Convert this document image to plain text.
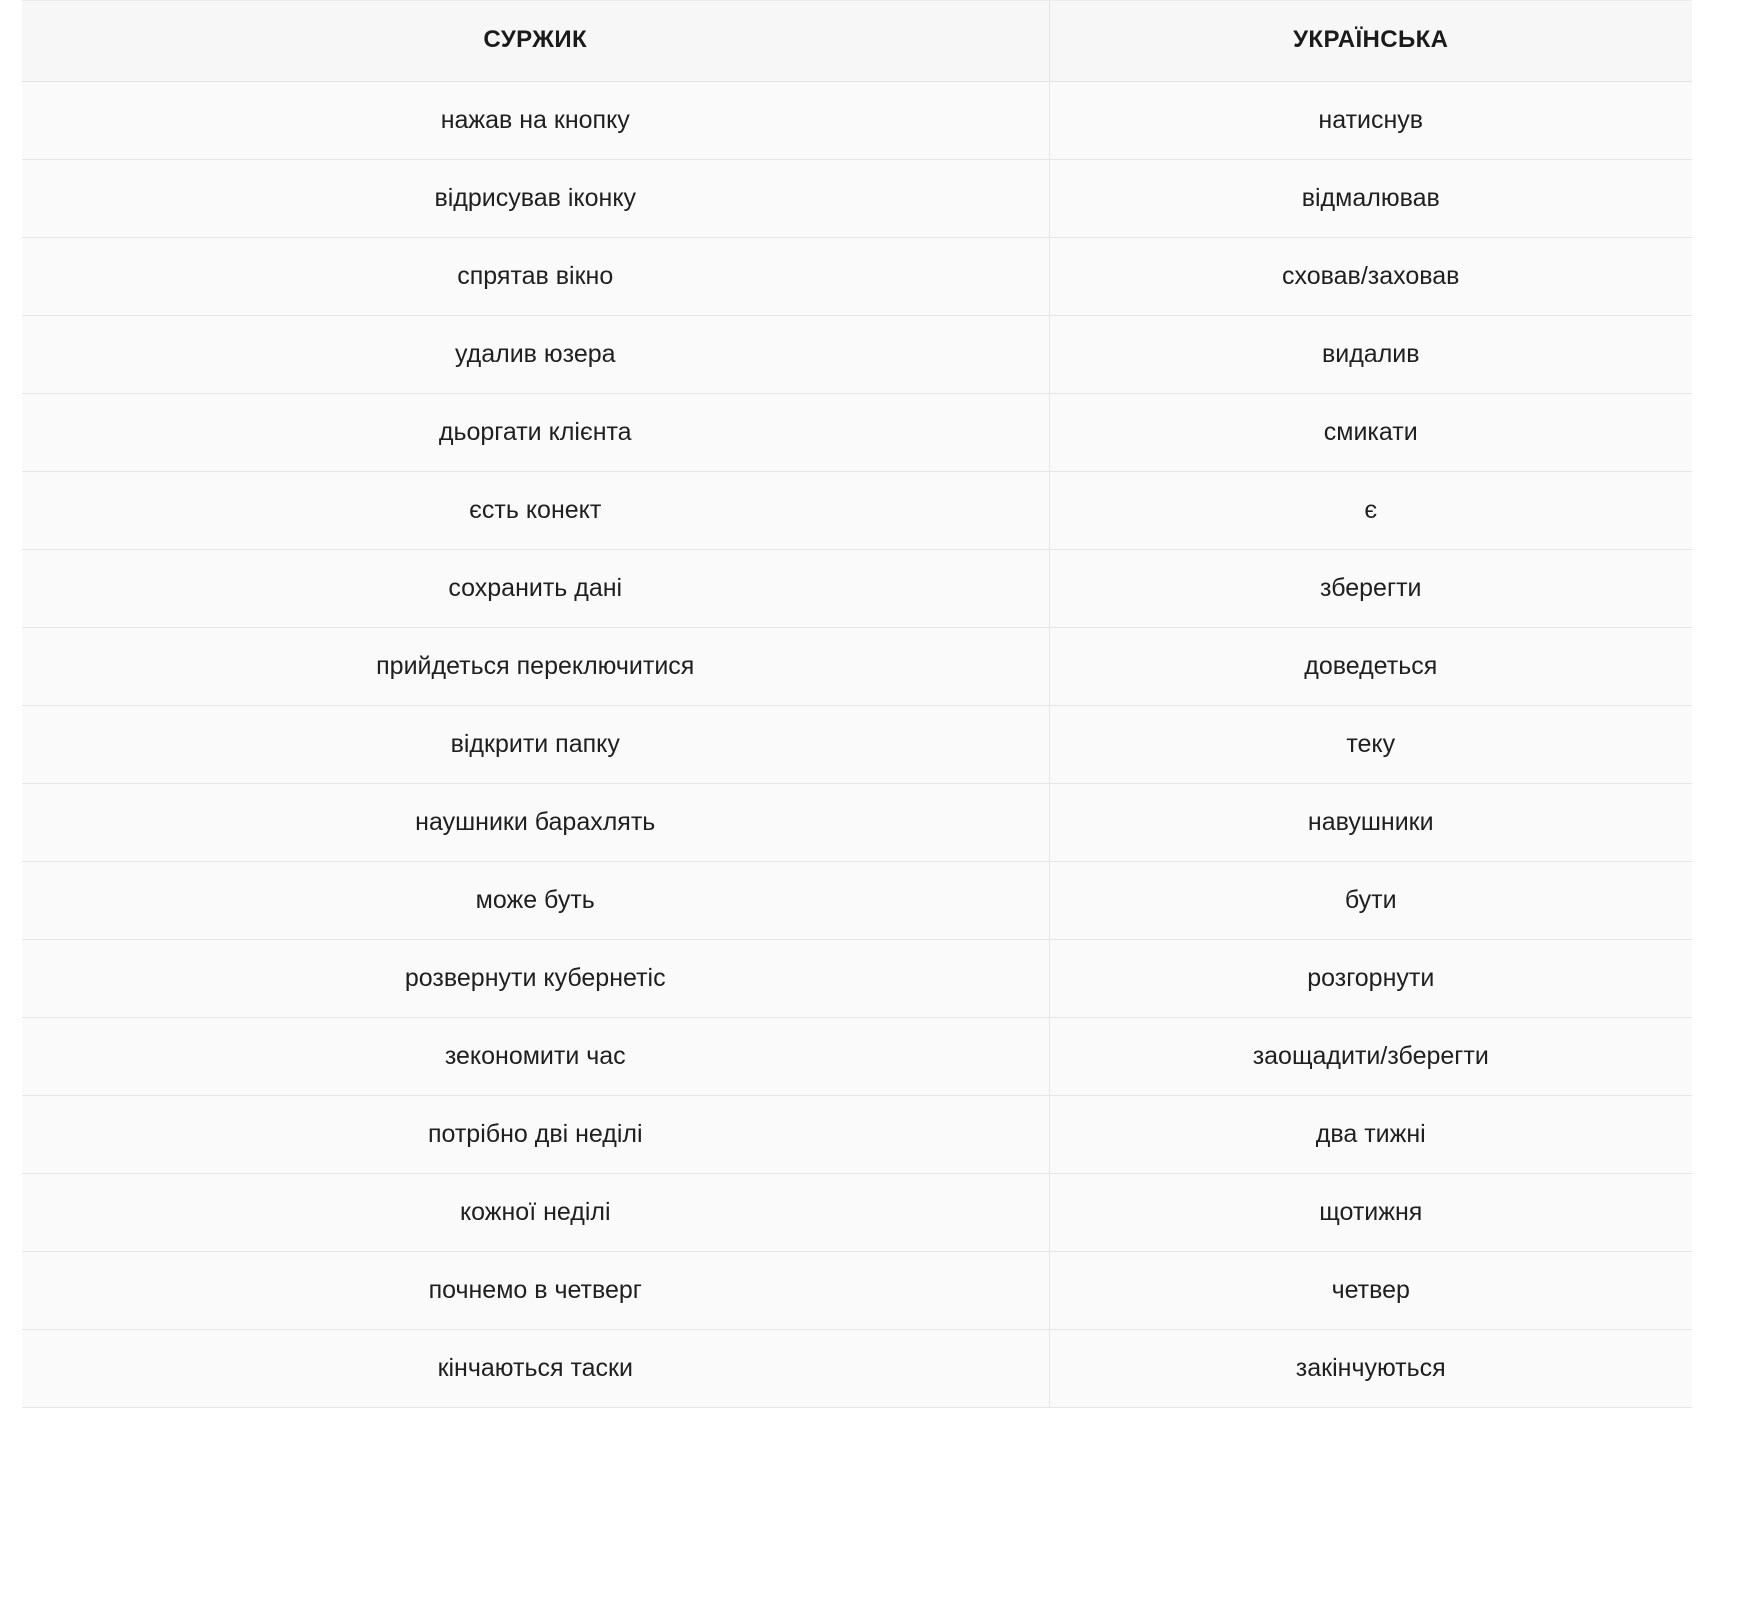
СУРЖИК	УКРАЇНСЬКА
нажав на кнопку	натиснув
відрисував іконку	відмалював
спрятав вікно	сховав/заховав
удалив юзера	видалив
дьоргати клієнта	смикати
єсть конект	є
сохранить дані	зберегти
прийдеться переключитися	доведеться
відкрити папку	теку
наушники барахлять	навушники
може буть	бути
розвернути кубернетіс	розгорнути
зекономити час	заощадити/зберегти
потрібно дві неділі	два тижні
кожної неділі	щотижня
почнемо в четверг	четвер
кінчаються таски	закінчуються
